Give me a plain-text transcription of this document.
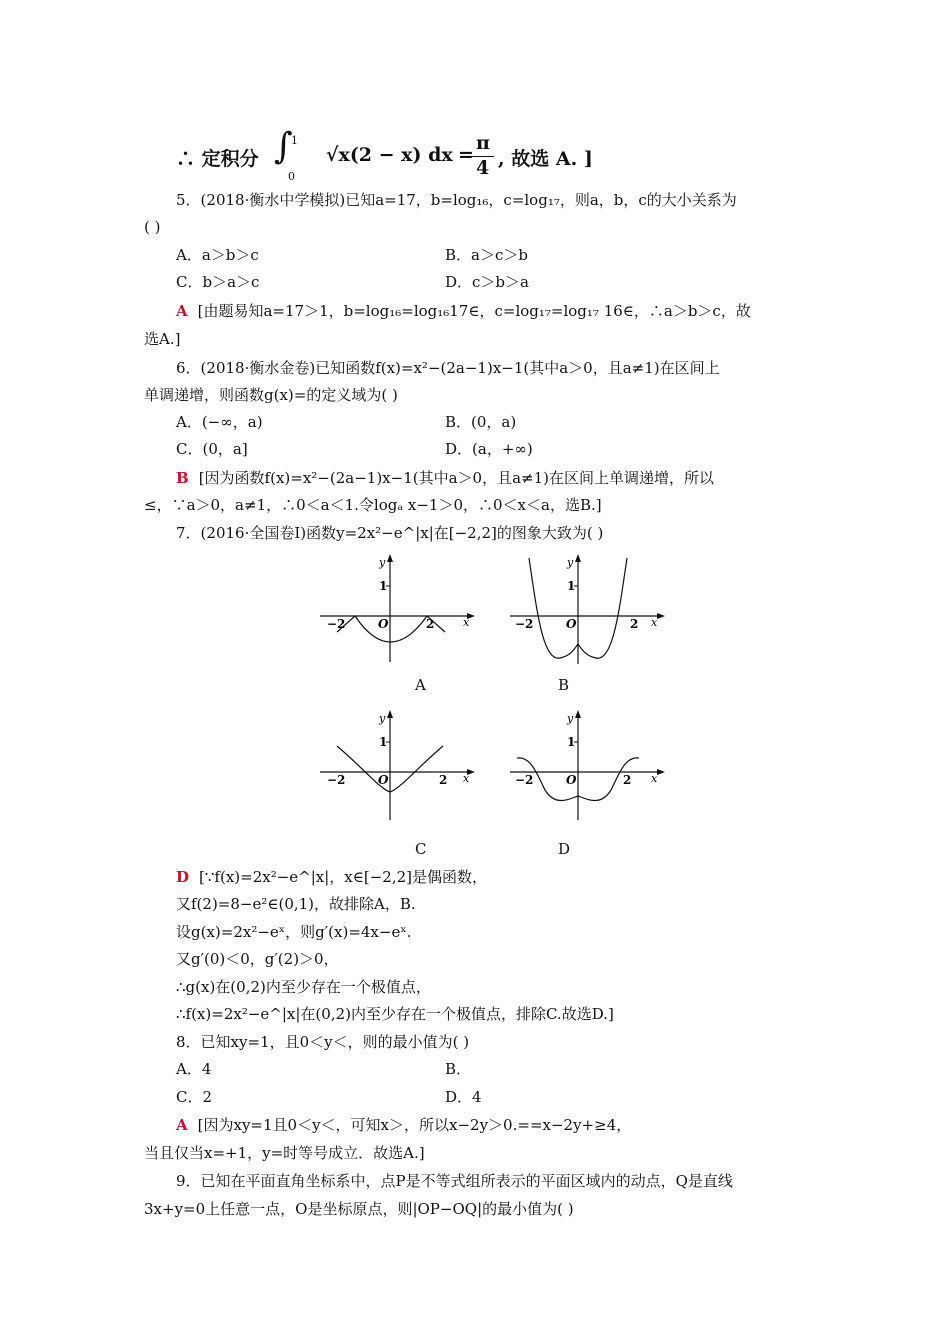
∴ 定积分 ∫
1
0
√x(2 − x) dx =
π
4 , 故选 A. ]
5．(2018·衡水中学模拟)已知a=17，b=log₁₆，c=log₁₇，则a，b，c的大小关系为
( )
A．a＞b＞c	B．a＞c＞b
C．b＞a＞c	D．c＞b＞a
A [由题易知a=17＞1，b=log₁₆=log₁₆17∈，c=log₁₇=log₁₇ 16∈，∴a＞b＞c，故
选A.]
6．(2018·衡水金卷)已知函数f(x)=x²−(2a−1)x−1(其中a＞0，且a≠1)在区间上
单调递增，则函数g(x)=的定义域为( )
A．(−∞，a)	B．(0，a)
C．(0，a]	D．(a，+∞)
B [因为函数f(x)=x²−(2a−1)x−1(其中a＞0，且a≠1)在区间上单调递增，所以
≤，∵a＞0，a≠1，∴0＜a＜1.令logₐ x−1＞0，∴0＜x＜a，选B.]
7．(2016·全国卷Ⅰ)函数y=2x²−e^|x|在[−2,2]的图象大致为( )
y
1
−2	O	2	x
A
y
1
−2	O	2 x
B
y
1
−2	O	2 x
C
y
1
−2	O	2 x
D
D [∵f(x)=2x²−e^|x|，x∈[−2,2]是偶函数，
又f(2)=8−e²∈(0,1)，故排除A，B.
设g(x)=2x²−eˣ，则g′(x)=4x−eˣ.
又g′(0)＜0，g′(2)＞0，
∴g(x)在(0,2)内至少存在一个极值点，
∴f(x)=2x²−e^|x|在(0,2)内至少存在一个极值点，排除C.故选D.]
8．已知xy=1，且0＜y＜，则的最小值为( )
A．4	B．
C．2	D．4
A [因为xy=1且0＜y＜，可知x＞，所以x−2y＞0.==x−2y+≥4，
当且仅当x=+1，y=时等号成立．故选A.]
9．已知在平面直角坐标系中，点P是不等式组所表示的平面区域内的动点，Q是直线
3x+y=0上任意一点，O是坐标原点，则|OP−OQ|的最小值为( )
